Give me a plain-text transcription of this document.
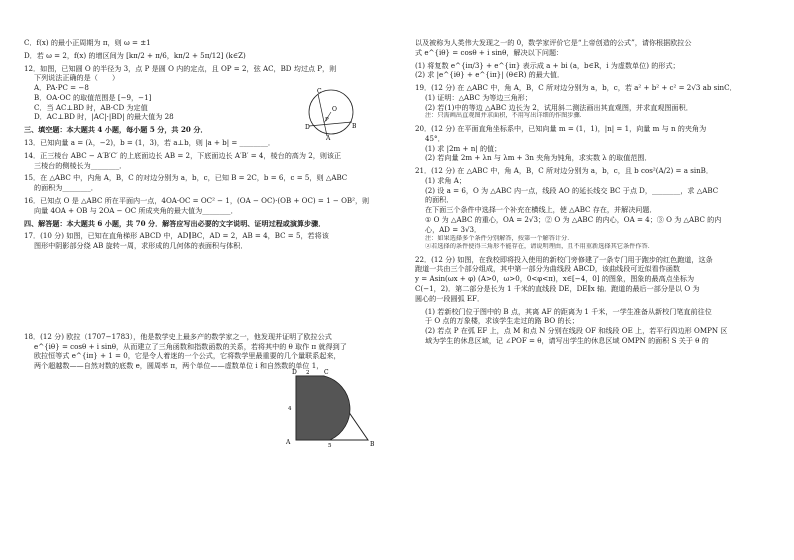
C．f(x) 的最小正周期为 π，则 ω = ±1

D．若 ω = 2，f(x) 的增区间为 [kπ/2 + π/6，kπ/2 + 5π/12] (k∈Z)

12．如图，已知圆 O 的半径为 3，点 P 是圆 O 内的定点，且 OP = 2，弦 AC，BD 均过点 P，则

下列说法正确的是（　　）

A．PA·PC = −8

B．OA·OC 的取值范围是 [−9，−1]

C．当 AC⊥BD 时，AB·CD 为定值

D．AC⊥BD 时，|AC|·|BD| 的最大值为 28

三、填空题：本大题共 4 小题，每小题 5 分，共 20 分．

13．已知向量 a = (λ，−2)，b = (1，3)，若 a⊥b，则 |a + b| = ________．

14．正三棱台 ABC − A′B′C′ 的上底面边长 AB = 2，下底面边长 A′B′ = 4，棱台的高为 2，则该正

三棱台的侧棱长为________．

15．在 △ABC 中，内角 A，B，C 的对边分别为 a，b，c，已知 B = 2C，b = 6，c = 5，则 △ABC

的面积为________．

16．已知点 O 是 △ABC 所在平面内一点，4OA·OC = OC² − 1，(OA − OC)·(OB + OC) = 1 − OB²，则

向量 4OA + OB 与 2OA − OC 所成夹角的最大值为________．

四、解答题：本大题共 6 小题，共 70 分．解答应写出必要的文字说明、证明过程或演算步骤．

17．(10 分) 如图，已知在直角梯形 ABCD 中，AD∥BC，AD = 2，AB = 4，BC = 5，若将该

图形中阴影部分绕 AB 旋转一周，求形成的几何体的表面积与体积．

18．(12 分) 欧拉（1707−1783），他是数学史上最多产的数学家之一，他发现并证明了欧拉公式

e^{iθ} = cosθ + i sinθ，从而建立了三角函数和指数函数的关系，若将其中的 θ 取作 π 就得到了

欧拉恒等式 e^{iπ} + 1 = 0，它是令人着迷的一个公式，它将数学里最重要的几个量联系起来，

两个超越数——自然对数的底数 e，圆周率 π，两个单位——虚数单位 i 和自然数的单位 1，

以及被称为人类伟大发现之一的 0，数学家评价它是“上帝创造的公式”，请你根据欧拉公

式 e^{iθ} = cosθ + i sinθ，解决以下问题：

(1) 将复数 e^{iπ/3} + e^{iπ} 表示成 a + bi (a，b∈R，i 为虚数单位) 的形式；

(2) 求 |e^{iθ} + e^{iπ}| (θ∈R) 的最大值．

19．(12 分) 在 △ABC 中，角 A，B，C 所对边分别为 a，b，c，若 a² + b² + c² = 2√3 ab sinC．

(1) 证明：△ABC 为等边三角形；

(2) 若(1)中的等边 △ABC 边长为 2，试用斜二测法画出其直观图，并求直观图面积．

注：只需画出直观图并求面积，不用写出详细的作图步骤．

20．(12 分) 在平面直角坐标系中，已知向量 m = (1，1)，|n| = 1，向量 m 与 n 的夹角为

45°．

(1) 求 |2m + n| 的值；

(2) 若向量 2m + λn 与 λm + 3n 夹角为钝角，求实数 λ 的取值范围．

21．(12 分) 在 △ABC 中，角 A，B，C 所对边分别为 a，b，c，且 b cos²(A/2) = a sinB．

(1) 求角 A；

(2) 设 a = 6，O 为 △ABC 内一点，线段 AO 的延长线交 BC 于点 D，________，求 △ABC

的面积．

在下面三个条件中选择一个补充在横线上，使 △ABC 存在，并解决问题．

① O 为 △ABC 的重心，OA = 2√3；② O 为 △ABC 的内心，OA = 4；③ O 为 △ABC 的内

心，AD = 3√3．

注：如果选择多个条件分别解答，按第一个解答计分．

②若选择的条件使得三角形不能存在，请说明理由，且不用重新选择其它条件作答．

22．(12 分) 如图，在我校即将投入使用的新校门旁修建了一条专门用于跑步的红色跑道，这条

跑道一共由三个部分组成，其中第一部分为曲线段 ABCD，该曲线段可近似看作函数

y = Asin(ωx + φ) (A>0，ω>0，0<φ<π)，x∈[−4，0] 的图象，图象的最高点坐标为

C(−1，2)．第二部分是长为 1 千米的直线段 DE，DE∥x 轴．跑道的最后一部分是以 O 为

圆心的一段圆弧 EF．

(1) 若新校门位于图中的 B 点，其离 AF 的距离为 1 千米，一学生准备从新校门笔直前往位

于 O 点的万象楼，求该学生走过的路 BO 的长；

(2) 若点 P 在弧 EF 上，点 M 和点 N 分别在线段 OF 和线段 OE 上，若平行四边形 OMPN 区

域为学生的休息区域，记 ∠POF = θ，请写出学生的休息区域 OMPN 的面积 S 关于 θ 的

C
O
B
D
P
A
D
A	B
C
2
4
5
